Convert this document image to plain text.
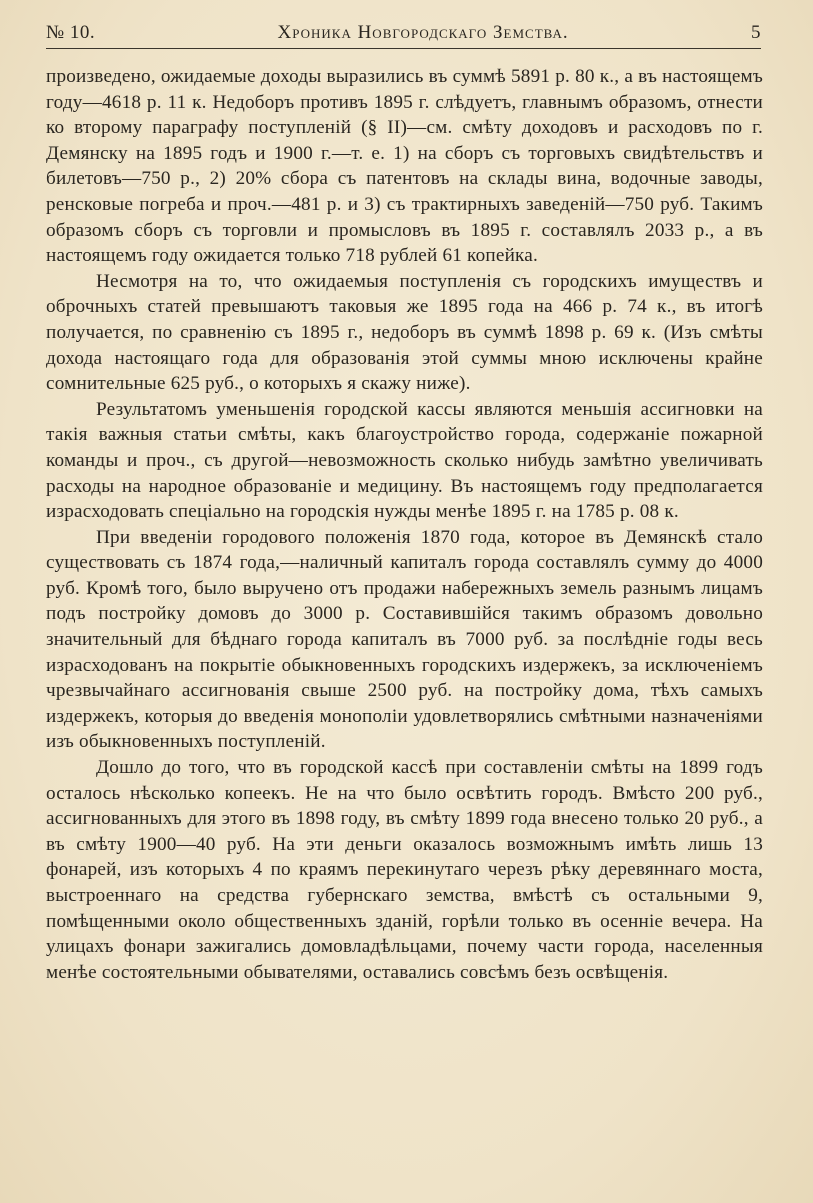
№ 10.	Хроника Новгородскаго Земства.	5

произведено, ожидаемые доходы выразились въ суммѣ 5891 р. 80 к., а въ настоящемъ году—4618 р. 11 к. Недоборъ противъ 1895 г. слѣдуетъ, главнымъ образомъ, отнести ко второму параграфу поступленій (§ II)—см. смѣту доходовъ и расходовъ по г. Демянску на 1895 годъ и 1900 г.—т. е. 1) на сборъ съ торговыхъ свидѣтельствъ и билетовъ—750 р., 2) 20% сбора съ патентовъ на склады вина, водочные заводы, ренсковые погреба и проч.—481 р. и 3) съ трактирныхъ заведеній—750 руб. Такимъ образомъ сборъ съ торговли и промысловъ въ 1895 г. составлялъ 2033 р., а въ настоящемъ году ожидается только 718 рублей 61 копейка.

Несмотря на то, что ожидаемыя поступленія съ городскихъ имуществъ и оброчныхъ статей превышаютъ таковыя же 1895 года на 466 р. 74 к., въ итогѣ получается, по сравненію съ 1895 г., недоборъ въ суммѣ 1898 р. 69 к. (Изъ смѣты дохода настоящаго года для образованія этой суммы мною исключены крайне сомнительные 625 руб., о которыхъ я скажу ниже).

Результатомъ уменьшенія городской кассы являются меньшія ассигновки на такія важныя статьи смѣты, какъ благоустройство города, содержаніе пожарной команды и проч., съ другой—невозможность сколько нибудь замѣтно увеличивать расходы на народное образованіе и медицину. Въ настоящемъ году предполагается израсходовать спеціально на городскія нужды менѣе 1895 г. на 1785 р. 08 к.

При введеніи городового положенія 1870 года, которое въ Демянскѣ стало существовать съ 1874 года,—наличный капиталъ города составлялъ сумму до 4000 руб. Кромѣ того, было выручено отъ продажи набережныхъ земель разнымъ лицамъ подъ постройку домовъ до 3000 р. Составившійся такимъ образомъ довольно значительный для бѣднаго города капиталъ въ 7000 руб. за послѣдніе годы весь израсходованъ на покрытіе обыкновенныхъ городскихъ издержекъ, за исключеніемъ чрезвычайнаго ассигнованія свыше 2500 руб. на постройку дома, тѣхъ самыхъ издержекъ, которыя до введенія монополіи удовлетворялись смѣтными назначеніями изъ обыкновенныхъ поступленій.

Дошло до того, что въ городской кассѣ при составленіи смѣты на 1899 годъ осталось нѣсколько копеекъ. Не на что было освѣтить городъ. Вмѣсто 200 руб., ассигнованныхъ для этого въ 1898 году, въ смѣту 1899 года внесено только 20 руб., а въ смѣту 1900—40 руб. На эти деньги оказалось возможнымъ имѣть лишь 13 фонарей, изъ которыхъ 4 по краямъ перекинутаго черезъ рѣку деревяннаго моста, выстроеннаго на средства губернскаго земства, вмѣстѣ съ остальными 9, помѣщенными около общественныхъ зданій, горѣли только въ осенніе вечера. На улицахъ фонари зажигались домовладѣльцами, почему части города, населенныя менѣе состоятельными обывателями, оставались совсѣмъ безъ освѣщенія.
